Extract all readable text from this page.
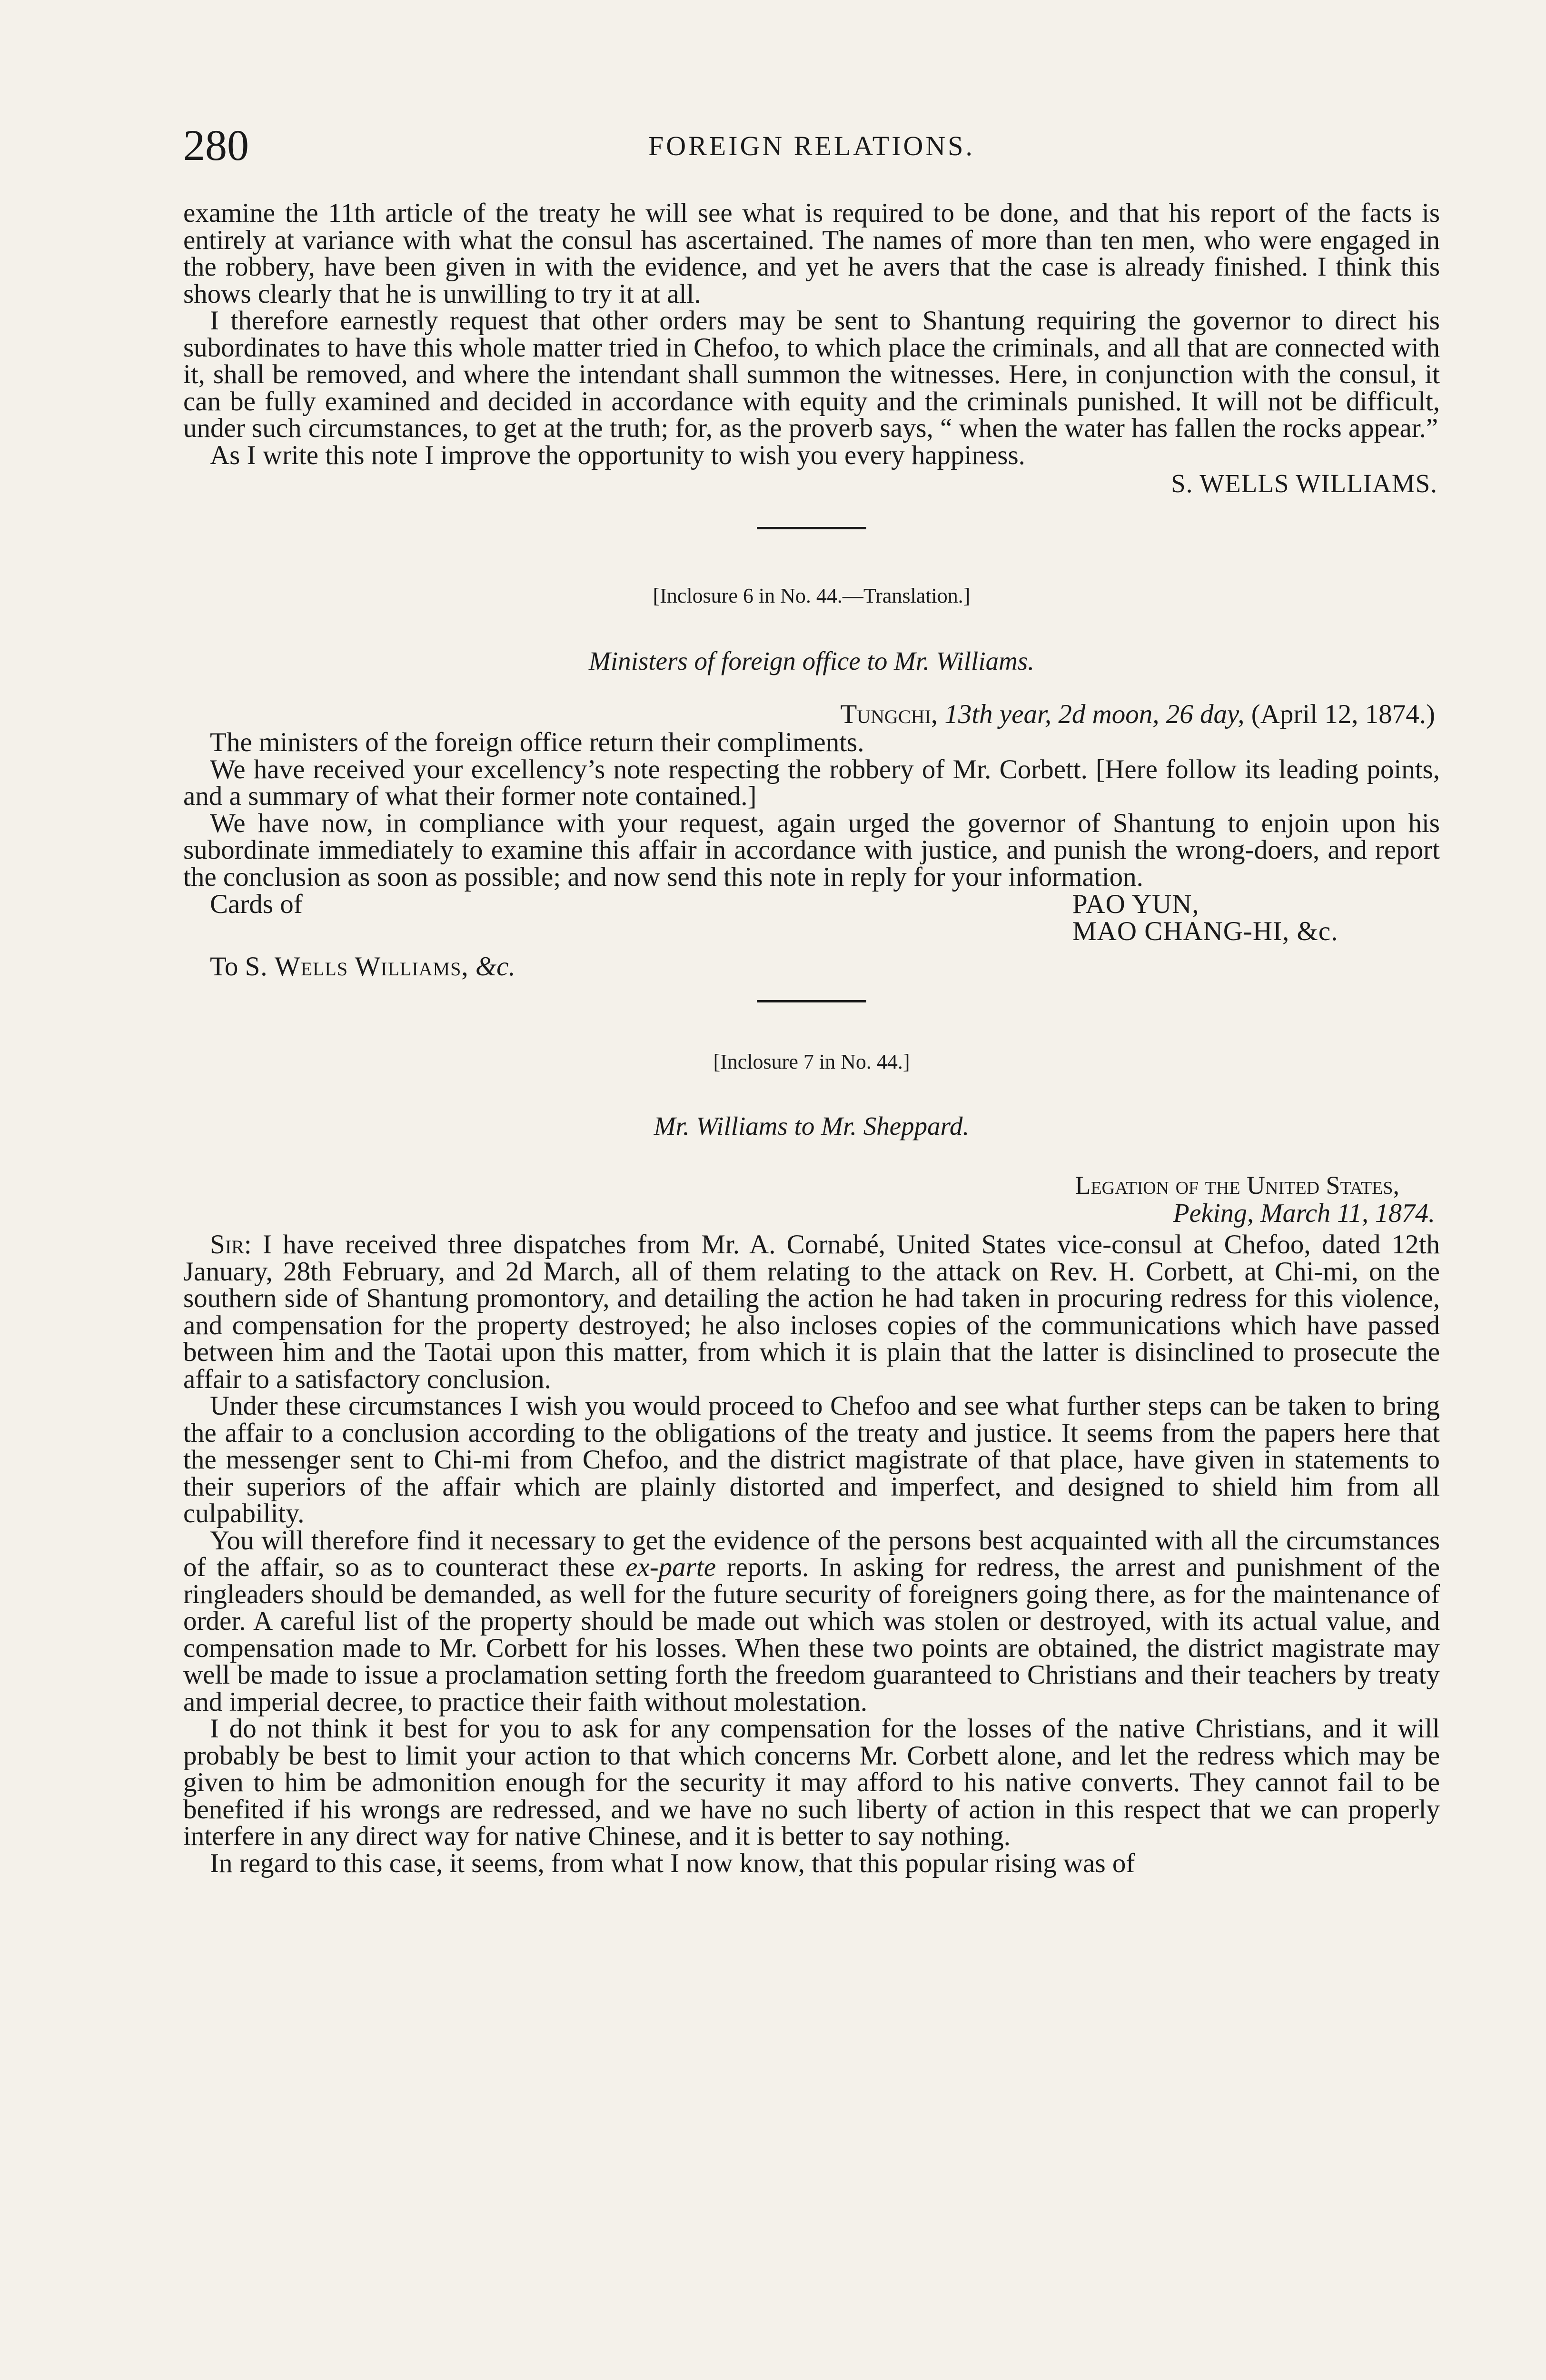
280	FOREIGN RELATIONS.

examine the 11th article of the treaty he will see what is required to be done, and that his report of the facts is entirely at variance with what the consul has ascertained. The names of more than ten men, who were engaged in the robbery, have been given in with the evidence, and yet he avers that the case is already finished. I think this shows clearly that he is unwilling to try it at all.

I therefore earnestly request that other orders may be sent to Shantung requiring the governor to direct his subordinates to have this whole matter tried in Chefoo, to which place the criminals, and all that are connected with it, shall be removed, and where the intendant shall summon the witnesses. Here, in conjunction with the consul, it can be fully examined and decided in accordance with equity and the criminals punished. It will not be difficult, under such circumstances, to get at the truth; for, as the proverb says, “ when the water has fallen the rocks appear.”

As I write this note I improve the opportunity to wish you every happiness.

S. WELLS WILLIAMS.

[Inclosure 6 in No. 44.—Translation.]

Ministers of foreign office to Mr. Williams.

Tungchi, 13th year, 2d moon, 26 day, (April 12, 1874.)

The ministers of the foreign office return their compliments.

We have received your excellency’s note respecting the robbery of Mr. Corbett. [Here follow its leading points, and a summary of what their former note contained.]

We have now, in compliance with your request, again urged the governor of Shantung to enjoin upon his subordinate immediately to examine this affair in accordance with justice, and punish the wrong-doers, and report the conclusion as soon as possible; and now send this note in reply for your information.

Cards of	PAO YUN,
MAO CHANG-HI, &c.

To S. Wells Williams, &c.

[Inclosure 7 in No. 44.]

Mr. Williams to Mr. Sheppard.

Legation of the United States,

Peking, March 11, 1874.

Sir: I have received three dispatches from Mr. A. Cornabé, United States vice-consul at Chefoo, dated 12th January, 28th February, and 2d March, all of them relating to the attack on Rev. H. Corbett, at Chi-mi, on the southern side of Shantung promontory, and detailing the action he had taken in procuring redress for this violence, and compensation for the property destroyed; he also incloses copies of the communications which have passed between him and the Taotai upon this matter, from which it is plain that the latter is disinclined to prosecute the affair to a satisfactory conclusion.

Under these circumstances I wish you would proceed to Chefoo and see what further steps can be taken to bring the affair to a conclusion according to the obligations of the treaty and justice. It seems from the papers here that the messenger sent to Chi-mi from Chefoo, and the district magistrate of that place, have given in statements to their superiors of the affair which are plainly distorted and imperfect, and designed to shield him from all culpability.

You will therefore find it necessary to get the evidence of the persons best acquainted with all the circumstances of the affair, so as to counteract these ex-parte reports. In asking for redress, the arrest and punishment of the ringleaders should be demanded, as well for the future security of foreigners going there, as for the maintenance of order. A careful list of the property should be made out which was stolen or destroyed, with its actual value, and compensation made to Mr. Corbett for his losses. When these two points are obtained, the district magistrate may well be made to issue a proclamation setting forth the freedom guaranteed to Christians and their teachers by treaty and imperial decree, to practice their faith without molestation.

I do not think it best for you to ask for any compensation for the losses of the native Christians, and it will probably be best to limit your action to that which concerns Mr. Corbett alone, and let the redress which may be given to him be admonition enough for the security it may afford to his native converts. They cannot fail to be benefited if his wrongs are redressed, and we have no such liberty of action in this respect that we can properly interfere in any direct way for native Chinese, and it is better to say nothing.

In regard to this case, it seems, from what I now know, that this popular rising was of
